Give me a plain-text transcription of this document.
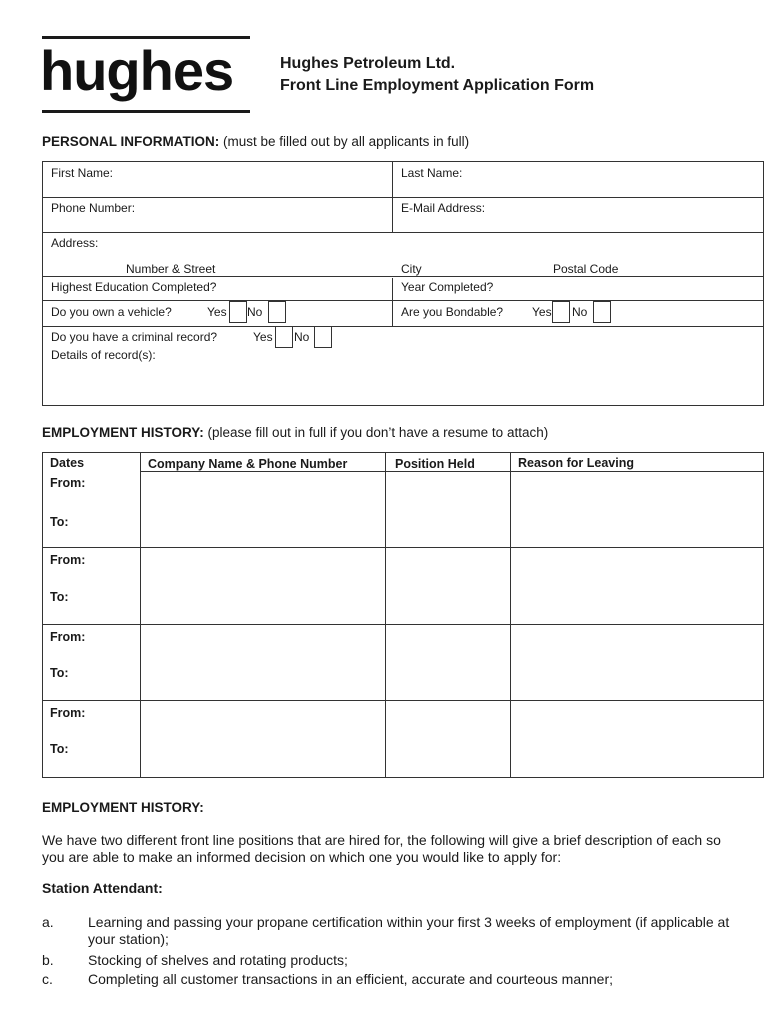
hughes	Hughes Petroleum Ltd.
Front Line Employment Application Form
PERSONAL INFORMATION: (must be filled out by all applicants in full)
First Name:	Last Name:
Phone Number:	E-Mail Address:
Address:
Number & Street	City	Postal Code
Highest Education Completed?	Year Completed?
Do you own a vehicle?	Yes No	Are you Bondable? Yes No
Do you have a criminal record?	Yes No
Details of record(s):
EMPLOYMENT HISTORY: (please fill out in full if you don’t have a resume to attach)
Dates	Company Name & Phone Number	Position Held	Reason for Leaving
From:
To:
From:
To:
From:
To:
From:
To:
EMPLOYMENT HISTORY:
We have two different front line positions that are hired for, the following will give a brief description of each so you are able to make an informed decision on which one you would like to apply for:
Station Attendant:
a. Learning and passing your propane certification within your first 3 weeks of employment (if applicable at your station);
b. Stocking of shelves and rotating products;
c.	Completing all customer transactions in an efficient, accurate and courteous manner;
